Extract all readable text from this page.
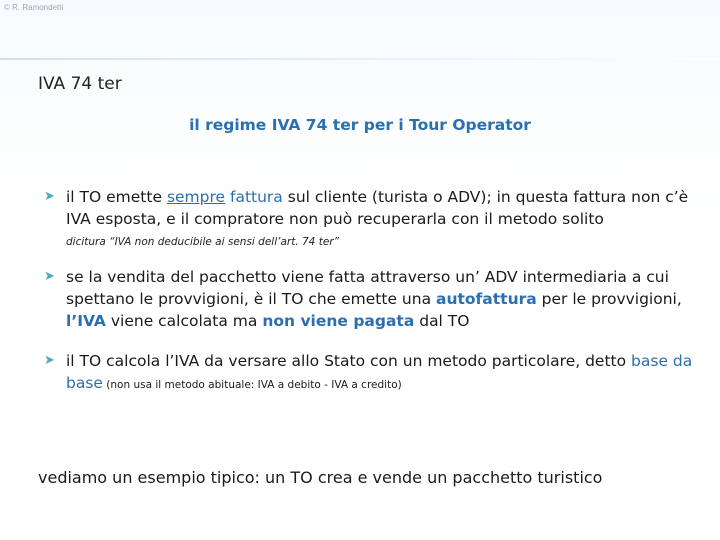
© R. Ramondetti
IVA 74 ter
il regime IVA 74 ter per i Tour Operator
➤ il TO emette sempre fattura sul cliente (turista o ADV); in questa fattura non c’è IVA esposta, e il compratore non può recuperarla con il metodo solito
dicitura “IVA non deducibile ai sensi dell’art. 74 ter”
➤ se la vendita del pacchetto viene fatta attraverso un’ ADV intermediaria a cui spettano le provvigioni, è il TO che emette una autofattura per le provvigioni, l’IVA viene calcolata ma non viene pagata dal TO
➤ il TO calcola l’IVA da versare allo Stato con un metodo particolare, detto base da base (non usa il metodo abituale: IVA a debito - IVA a credito)
vediamo un esempio tipico: un TO crea e vende un pacchetto turistico
